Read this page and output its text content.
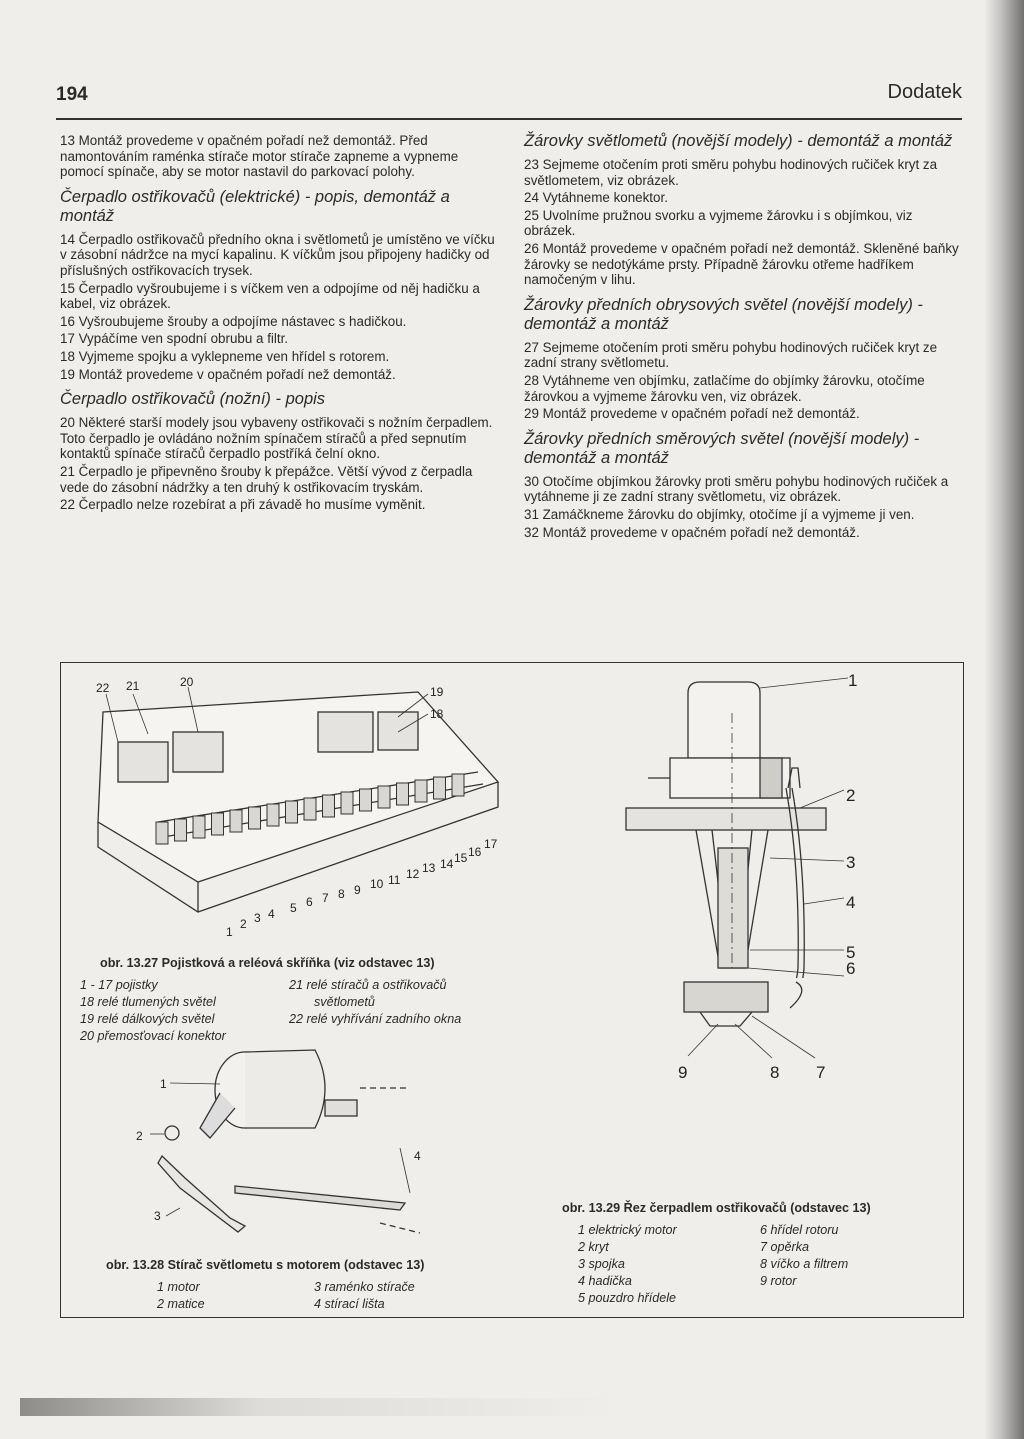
194	Dodatek

13 Montáž provedeme v opačném pořadí než demontáž. Před namontováním raménka stírače motor stírače zapneme a vypneme pomocí spínače, aby se motor nastavil do parkovací polohy.

Čerpadlo ostřikovačů (elektrické) - popis, demontáž a montáž

14 Čerpadlo ostřikovačů předního okna i světlometů je umístěno ve víčku v zásobní nádržce na mycí kapalinu. K víčkům jsou připojeny hadičky od příslušných ostřikovacích trysek.

15 Čerpadlo vyšroubujeme i s víčkem ven a odpojíme od něj hadičku a kabel, viz obrázek.

16 Vyšroubujeme šrouby a odpojíme nástavec s hadičkou.

17 Vypáčíme ven spodní obrubu a filtr.

18 Vyjmeme spojku a vyklepneme ven hřídel s rotorem.

19 Montáž provedeme v opačném pořadí než demontáž.

Čerpadlo ostřikovačů (nožní) - popis

20 Některé starší modely jsou vybaveny ostřikovači s nožním čerpadlem. Toto čerpadlo je ovládáno nožním spínačem stíračů a před sepnutím kontaktů spínače stíračů čerpadlo postříká čelní okno.

21 Čerpadlo je připevněno šrouby k přepážce. Větší vývod z čerpadla vede do zásobní nádržky a ten druhý k ostřikovacím tryskám.

22 Čerpadlo nelze rozebírat a při závadě ho musíme vyměnit.

Žárovky světlometů (novější modely) - demontáž a montáž

23 Sejmeme otočením proti směru pohybu hodinových ručiček kryt za světlometem, viz obrázek.

24 Vytáhneme konektor.

25 Uvolníme pružnou svorku a vyjmeme žárovku i s objímkou, viz obrázek.

26 Montáž provedeme v opačném pořadí než demontáž. Skleněné baňky žárovky se nedotýkáme prsty. Případně žárovku otřeme hadříkem namočeným v lihu.

Žárovky předních obrysových světel (novější modely) - demontáž a montáž

27 Sejmeme otočením proti směru pohybu hodinových ručiček kryt ze zadní strany světlometu.

28 Vytáhneme ven objímku, zatlačíme do objímky žárovku, otočíme žárovkou a vyjmeme žárovku ven, viz obrázek.

29 Montáž provedeme v opačném pořadí než demontáž.

Žárovky předních směrových světel (novější modely) - demontáž a montáž

30 Otočíme objímkou žárovky proti směru pohybu hodinových ručiček a vytáhneme ji ze zadní strany světlometu, viz obrázek.

31 Zamáčkneme žárovku do objímky, otočíme jí a vyjmeme ji ven.

32 Montáž provedeme v opačném pořadí než demontáž.

22 21	20
19
18
1
2 3 4 5 6 7 8 9 10 11 12 13 14 15 16
17
obr. 13.27 Pojistková a reléová skříňka (viz odstavec 13)
1 - 17 pojistky
18 relé tlumených světel
19 relé dálkových světel
20 přemosťovací konektor
21 relé stíračů a ostřikovačů
světlometů
22 relé vyhřívání zadního okna
1
2
3
4
obr. 13.28 Stírač světlometu s motorem (odstavec 13)
1 motor
2 matice
3 raménko stírače
4 stírací lišta
1
2
3
4
5
6
9	8 7
obr. 13.29 Řez čerpadlem ostřikovačů (odstavec 13)
1 elektrický motor
2 kryt
3 spojka
4 hadička
5 pouzdro hřídele
6 hřídel rotoru
7 opěrka
8 víčko a filtrem
9 rotor
